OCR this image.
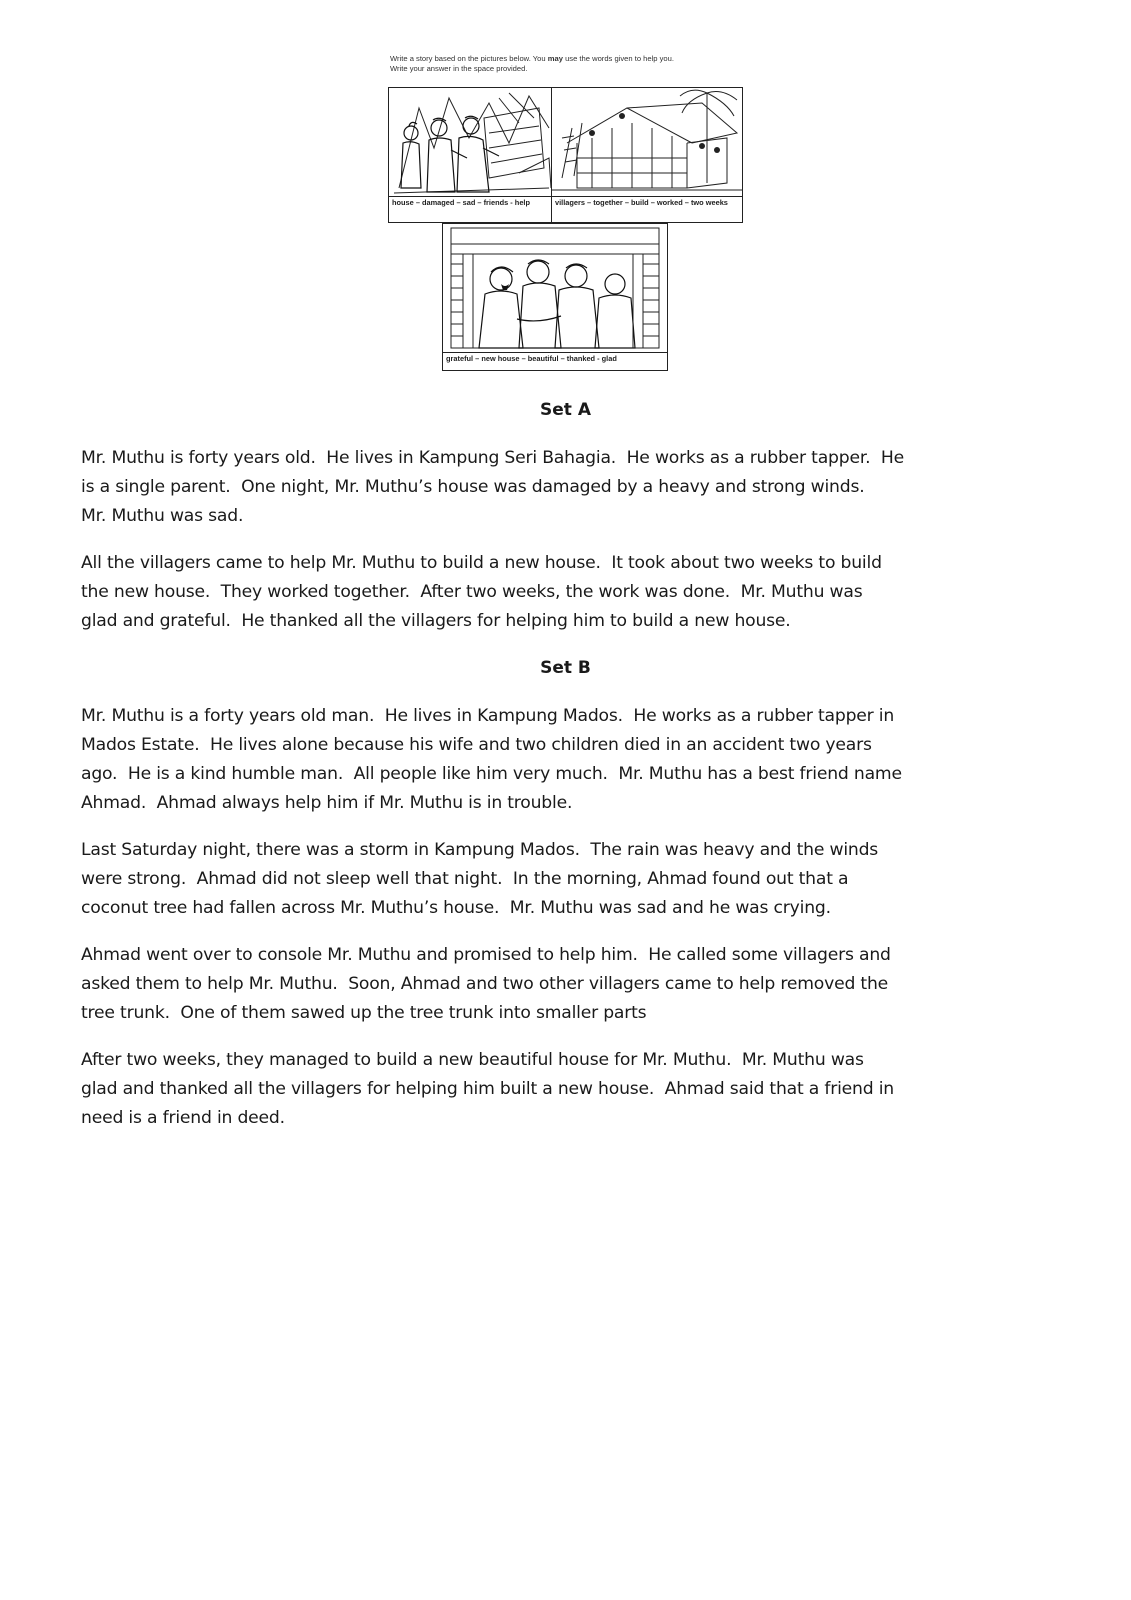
Write a story based on the pictures below. You may use the words given to help you.
Write your answer in the space provided.
house – damaged – sad – friends - help	villagers – together – build – worked – two weeks
grateful – new house – beautiful – thanked - glad
Set A

Mr. Muthu is forty years old.  He lives in Kampung Seri Bahagia.  He works as a rubber tapper.  He
is a single parent.  One night, Mr. Muthu’s house was damaged by a heavy and strong winds.
Mr. Muthu was sad.

All the villagers came to help Mr. Muthu to build a new house.  It took about two weeks to build
the new house.  They worked together.  After two weeks, the work was done.  Mr. Muthu was
glad and grateful.  He thanked all the villagers for helping him to build a new house.

Set B

Mr. Muthu is a forty years old man.  He lives in Kampung Mados.  He works as a rubber tapper in
Mados Estate.  He lives alone because his wife and two children died in an accident two years
ago.  He is a kind humble man.  All people like him very much.  Mr. Muthu has a best friend name
Ahmad.  Ahmad always help him if Mr. Muthu is in trouble.

Last Saturday night, there was a storm in Kampung Mados.  The rain was heavy and the winds
were strong.  Ahmad did not sleep well that night.  In the morning, Ahmad found out that a
coconut tree had fallen across Mr. Muthu’s house.  Mr. Muthu was sad and he was crying.

Ahmad went over to console Mr. Muthu and promised to help him.  He called some villagers and
asked them to help Mr. Muthu.  Soon, Ahmad and two other villagers came to help removed the
tree trunk.  One of them sawed up the tree trunk into smaller parts

After two weeks, they managed to build a new beautiful house for Mr. Muthu.  Mr. Muthu was
glad and thanked all the villagers for helping him built a new house.  Ahmad said that a friend in
need is a friend in deed.
